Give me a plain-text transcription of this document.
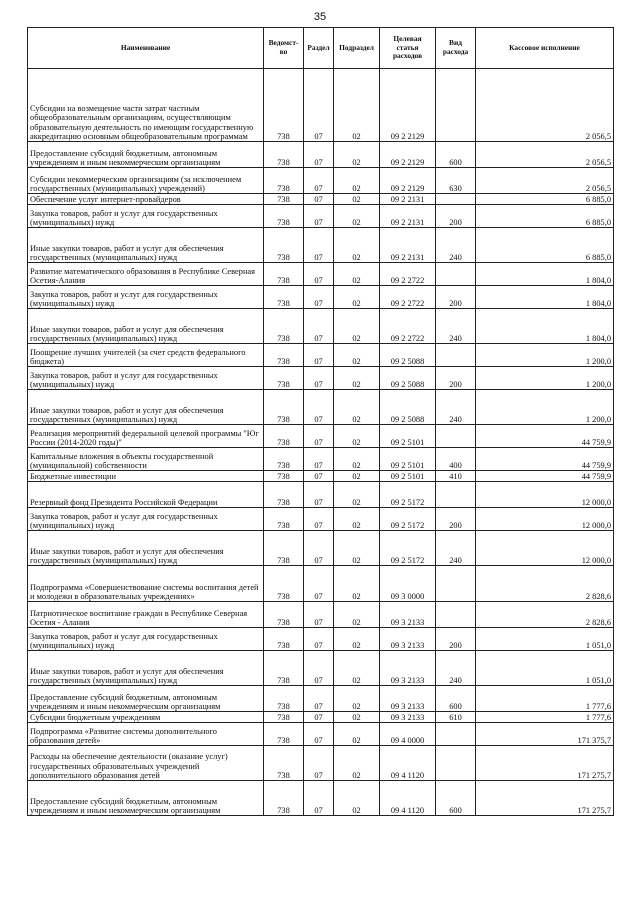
35
Наименование	Ведомст-во	Раздел	Подраздел	Целевая статья расходов	Вид расхода	Кассовое исполнение
Субсидии на возмещение части затрат частным общеобразовательным организациям, осуществляющим образовательную деятельность по имеющим государственную аккредитацию основным общеобразовательным программам	738	07	02	09 2 2129		2 056,5
Предоставление субсидий бюджетным, автономным учреждениям и иным некоммерческим организациям	738	07	02	09 2 2129	600	2 056,5
Субсидии некоммерческим организациям (за исключением государственных (муниципальных) учреждений)	738	07	02	09 2 2129	630	2 056,5
Обеспечение услуг интернет-провайдеров	738	07	02	09 2 2131		6 885,0
Закупка товаров, работ и услуг для государственных (муниципальных) нужд	738	07	02	09 2 2131	200	6 885,0
Иные закупки товаров, работ и услуг для обеспечения государственных (муниципальных) нужд	738	07	02	09 2 2131	240	6 885,0
Развитие математического образования в Республике Северная Осетия-Алания	738	07	02	09 2 2722		1 804,0
Закупка товаров, работ и услуг для государственных (муниципальных) нужд	738	07	02	09 2 2722	200	1 804,0
Иные закупки товаров, работ и услуг для обеспечения государственных (муниципальных) нужд	738	07	02	09 2 2722	240	1 804,0
Поощрение лучших учителей (за счет средств федерального бюджета)	738	07	02	09 2 5088		1 200,0
Закупка товаров, работ и услуг для государственных (муниципальных) нужд	738	07	02	09 2 5088	200	1 200,0
Иные закупки товаров, работ и услуг для обеспечения государственных (муниципальных) нужд	738	07	02	09 2 5088	240	1 200,0
Реализация мероприятий федеральной целевой программы "Юг России (2014-2020 годы)"	738	07	02	09 2 5101		44 759,9
Капитальные вложения в объекты государственной (муниципальной) собственности	738	07	02	09 2 5101	400	44 759,9
Бюджетные инвестиции	738	07	02	09 2 5101	410	44 759,9
Резервный фонд Президента Российской Федерации	738	07	02	09 2 5172		12 000,0
Закупка товаров, работ и услуг для государственных (муниципальных) нужд	738	07	02	09 2 5172	200	12 000,0
Иные закупки товаров, работ и услуг для обеспечения государственных (муниципальных) нужд	738	07	02	09 2 5172	240	12 000,0
Подпрограмма «Совершенствование системы воспитания детей и молодежи в образовательных учреждениях»	738	07	02	09 3 0000		2 828,6
Патриотическое воспитание граждан в Республике Северная Осетия - Алания	738	07	02	09 3 2133		2 828,6
Закупка товаров, работ и услуг для государственных (муниципальных) нужд	738	07	02	09 3 2133	200	1 051,0
Иные закупки товаров, работ и услуг для обеспечения государственных (муниципальных) нужд	738	07	02	09 3 2133	240	1 051,0
Предоставление субсидий бюджетным, автономным учреждениям и иным некоммерческим организациям	738	07	02	09 3 2133	600	1 777,6
Субсидии бюджетным учреждениям	738	07	02	09 3 2133	610	1 777,6
Подпрограмма «Развитие системы дополнительного образования детей»	738	07	02	09 4 0000		171 375,7
Расходы на обеспечение деятельности (оказание услуг) государственных образовательных учреждений дополнительного образования детей	738	07	02	09 4 1120		171 275,7
Предоставление субсидий бюджетным, автономным учреждениям и иным некоммерческим организациям	738	07	02	09 4 1120	600	171 275,7
